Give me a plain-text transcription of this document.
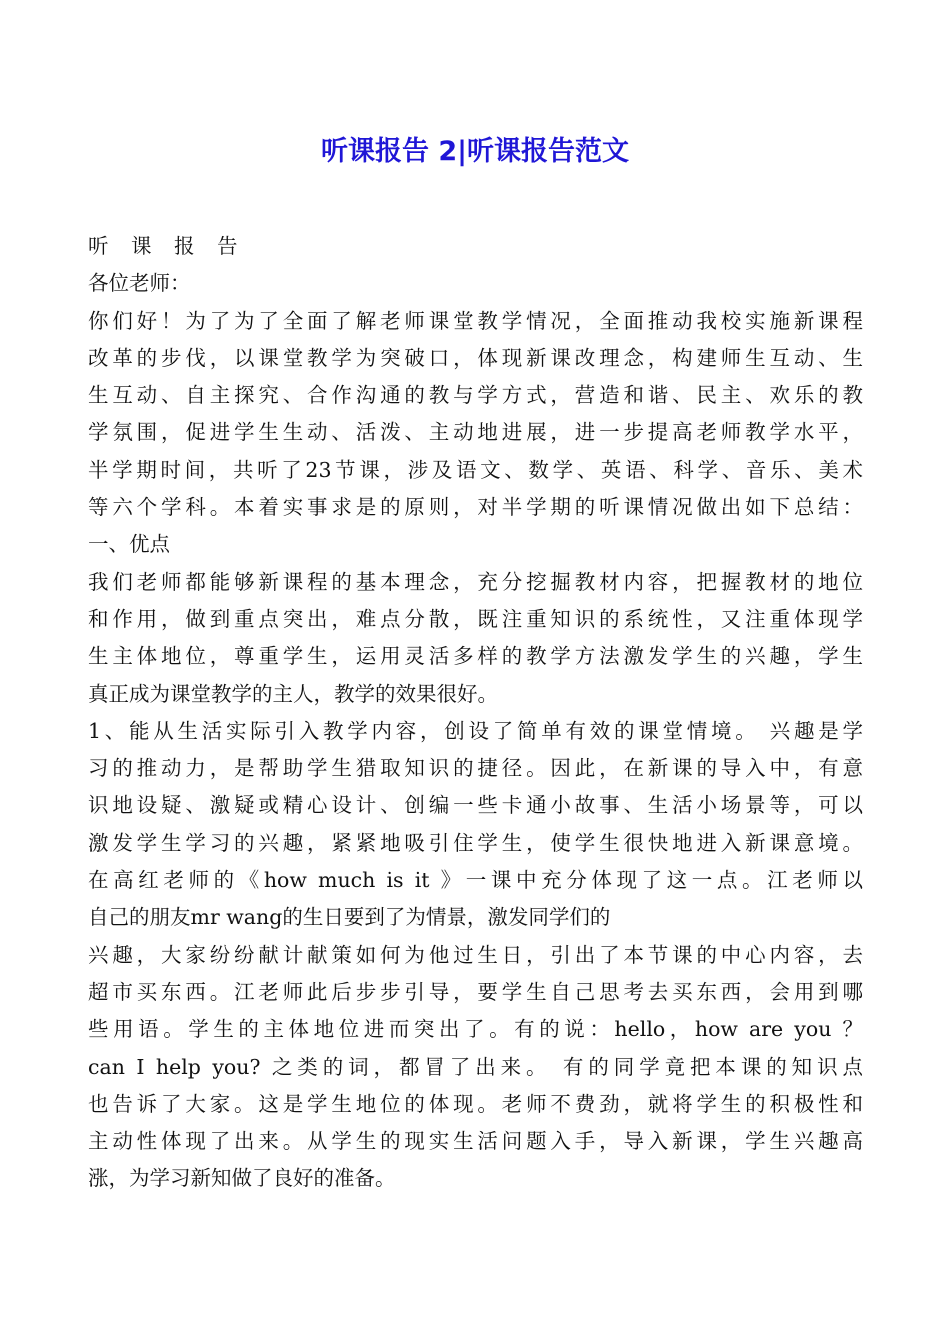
听课报告 2|听课报告范文
听 课 报 告
各位老师：
你们好！为了为了全面了解老师课堂教学情况，全面推动我校实施新课程
改革的步伐，以课堂教学为突破口，体现新课改理念，构建师生互动、生
生互动、自主探究、合作沟通的教与学方式，营造和谐、民主、欢乐的教
学氛围，促进学生生动、活泼、主动地进展，进一步提高老师教学水平，
半学期时间，共听了23节课，涉及语文、数学、英语、科学、音乐、美术
等六个学科。本着实事求是的原则，对半学期的听课情况做出如下总结：
一、优点
我们老师都能够新课程的基本理念，充分挖掘教材内容，把握教材的地位
和作用，做到重点突出，难点分散，既注重知识的系统性，又注重体现学
生主体地位，尊重学生，运用灵活多样的教学方法激发学生的兴趣，学生
真正成为课堂教学的主人，教学的效果很好。
1、能从生活实际引入教学内容，创设了简单有效的课堂情境。 兴趣是学
习的推动力，是帮助学生猎取知识的捷径。因此，在新课的导入中，有意
识地设疑、激疑或精心设计、创编一些卡通小故事、生活小场景等，可以
激发学生学习的兴趣，紧紧地吸引住学生，使学生很快地进入新课意境。
在高红老师的《how much is it 》一课中充分体现了这一点。江老师以
自己的朋友mr wang的生日要到了为情景，激发同学们的
兴趣，大家纷纷献计献策如何为他过生日，引出了本节课的中心内容，去
超市买东西。江老师此后步步引导，要学生自己思考去买东西，会用到哪
些用语。学生的主体地位进而突出了。有的说：hello，how are you ？
can I help you? 之类的词，都冒了出来。 有的同学竟把本课的知识点
也告诉了大家。这是学生地位的体现。老师不费劲，就将学生的积极性和
主动性体现了出来。从学生的现实生活问题入手，导入新课，学生兴趣高
涨，为学习新知做了良好的准备。
